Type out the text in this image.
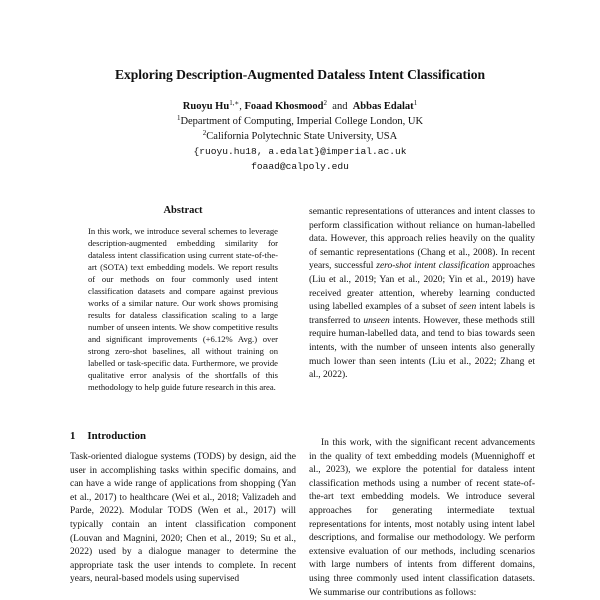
Exploring Description-Augmented Dataless Intent Classification
Ruoyu $Hu^{1,∗}$, Foaad Khosmood$^2$ and Abbas Edalat$^1$
$^1$Department of Computing, Imperial College London, UK
$^2$California Polytechnic State University, USA
{ruoyu.hu18, a.edalat}@imperial.ac.uk
foaad@calpoly.edu
Abstract
In this work, we introduce several schemes to leverage description-augmented embedding similarity for dataless intent classification using current state-of-the-art (SOTA) text embedding models. We report results of our methods on four commonly used intent classification datasets and compare against previous works of a similar nature. Our work shows promising results for dataless classification scaling to a large number of unseen intents. We show competitive results and significant improvements (+6.12% Avg.) over strong zero-shot baselines, all without training on labelled or task-specific data. Furthermore, we provide qualitative error analysis of the shortfalls of this methodology to help guide future research in this area.
1 Introduction
Task-oriented dialogue systems (TODS) by design, aid the user in accomplishing tasks within specific domains, and can have a wide range of applications from shopping (Yan et al., 2017) to healthcare (Wei et al., 2018; Valizadeh and Parde, 2022). Modular TODS (Wen et al., 2017) will typically contain an intent classification component (Louvan and Magnini, 2020; Chen et al., 2019; Su et al., 2022) used by a dialogue manager to determine the appropriate task the user intends to complete. In recent years, neural-based models using supervised
semantic representations of utterances and intent classes to perform classification without reliance on human-labelled data. However, this approach relies heavily on the quality of semantic representations (Chang et al., 2008). In recent years, successful zero-shot intent classification approaches (Liu et al., 2019; Yan et al., 2020; Yin et al., 2019) have received greater attention, whereby learning conducted using labelled examples of a subset of seen intent labels is transferred to unseen intents. However, these methods still require human-labelled data, and tend to bias towards seen intents, with the number of unseen intents also generally much lower than seen intents (Liu et al., 2022; Zhang et al., 2022).
In this work, with the significant recent advancements in the quality of text embedding models (Muennighoff et al., 2023), we explore the potential for dataless intent classification methods using a number of recent state-of-the-art text embedding models. We introduce several approaches for generating intermediate textual representations for intents, most notably using intent label descriptions, and formalise our methodology. We perform extensive evaluation of our methods, including scenarios with large numbers of intents from different domains, using three commonly used intent classification datasets. We summarise our contributions as follows:
